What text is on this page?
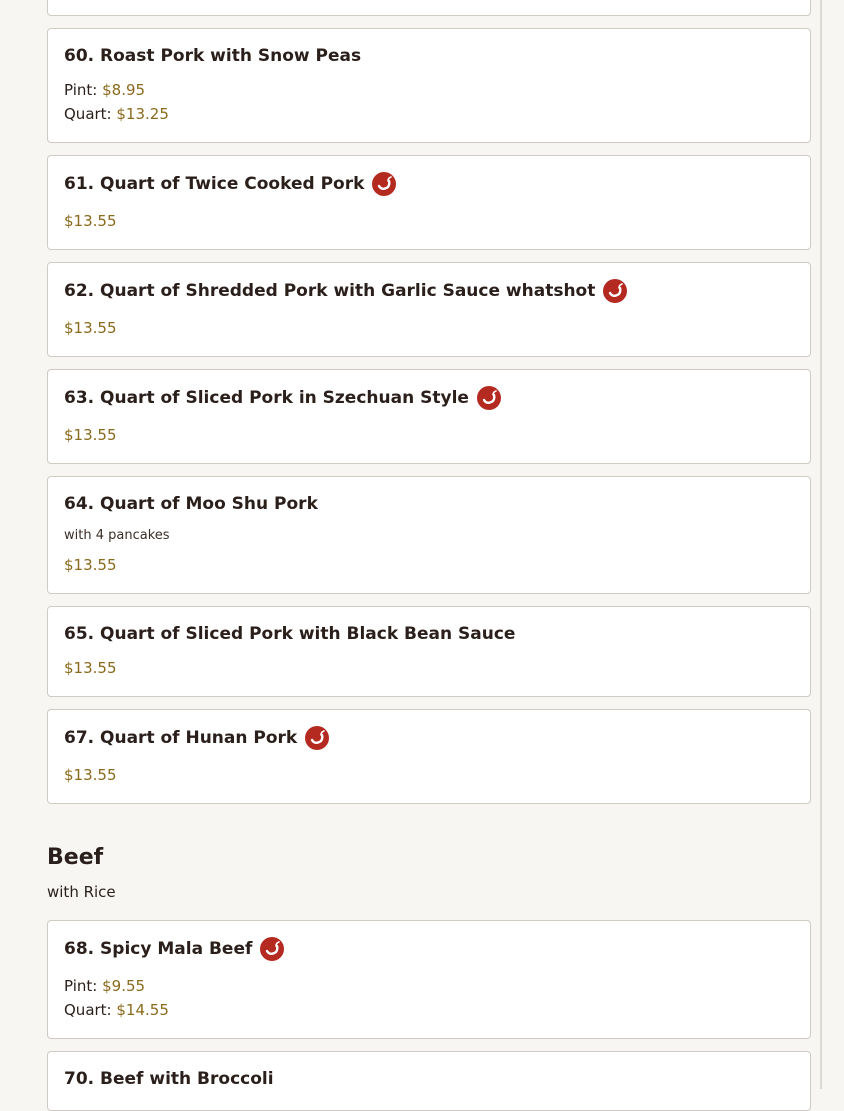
60. Roast Pork with Snow Peas
Pint: $8.95
Quart: $13.25
61. Quart of Twice Cooked Pork
$13.55
62. Quart of Shredded Pork with Garlic Sauce whatshot
$13.55
63. Quart of Sliced Pork in Szechuan Style
$13.55
64. Quart of Moo Shu Pork
with 4 pancakes
$13.55
65. Quart of Sliced Pork with Black Bean Sauce
$13.55
67. Quart of Hunan Pork
$13.55
Beef
with Rice
68. Spicy Mala Beef
Pint: $9.55
Quart: $14.55
70. Beef with Broccoli
